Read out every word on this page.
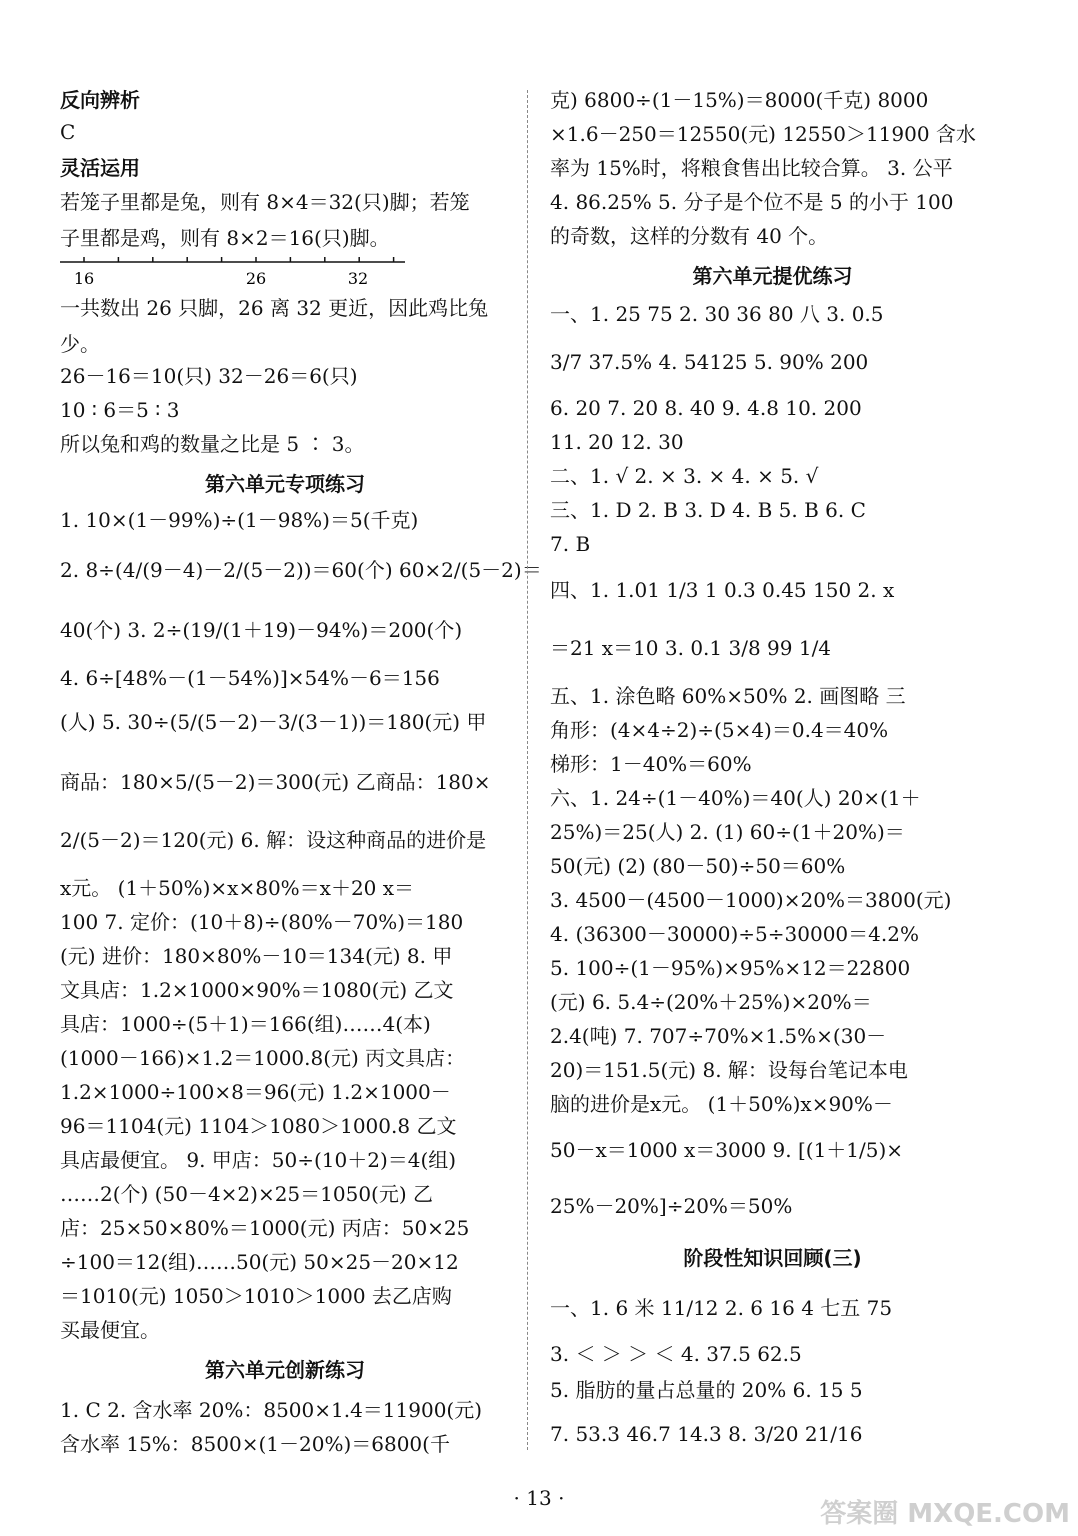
反向辨析
C
灵活运用
若笼子里都是兔，则有 8×4＝32(只)脚；若笼
子里都是鸡，则有 8×2＝16(只)脚。
一共数出 26 只脚，26 离 32 更近，因此鸡比兔
少。
26－16＝10(只) 32－26＝6(只)
10 ∶ 6＝5 ∶ 3
所以兔和鸡的数量之比是 5 ∶ 3。
1. 10×(1－99%)÷(1－98%)＝5(千克)
2. 8÷(4/(9－4)－2/(5－2))＝60(个) 60×2/(5－2)＝
40(个) 3. 2÷(19/(1＋19)－94%)＝200(个)
4. 6÷[48%－(1－54%)]×54%－6＝156
(人) 5. 30÷(5/(5－2)－3/(3－1))＝180(元) 甲
商品：180×5/(5－2)＝300(元) 乙商品：180×
2/(5－2)＝120(元) 6. 解：设这种商品的进价是
x元。 (1＋50%)×x×80%＝x＋20 x＝
100 7. 定价：(10＋8)÷(80%－70%)＝180
(元) 进价：180×80%－10＝134(元) 8. 甲
文具店：1.2×1000×90%＝1080(元) 乙文
具店：1000÷(5＋1)＝166(组)……4(本)
(1000－166)×1.2＝1000.8(元) 丙文具店：
1.2×1000÷100×8＝96(元) 1.2×1000－
96＝1104(元) 1104＞1080＞1000.8 乙文
具店最便宜。 9. 甲店：50÷(10＋2)＝4(组)
……2(个) (50－4×2)×25＝1050(元) 乙
店：25×50×80%＝1000(元) 丙店：50×25
÷100＝12(组)……50(元) 50×25－20×12
＝1010(元) 1050＞1010＞1000 去乙店购
买最便宜。
1. C 2. 含水率 20%：8500×1.4＝11900(元)
含水率 15%：8500×(1－20%)＝6800(千
第六单元专项练习
第六单元创新练习
克) 6800÷(1－15%)＝8000(千克) 8000
×1.6－250＝12550(元) 12550＞11900 含水
率为 15%时，将粮食售出比较合算。 3. 公平
4. 86.25% 5. 分子是个位不是 5 的小于 100
的奇数，这样的分数有 40 个。
一、1. 25 75 2. 30 36 80 八 3. 0.5
3/7 37.5% 4. 54125 5. 90% 200
6. 20 7. 20 8. 40 9. 4.8 10. 200
11. 20 12. 30
二、1. √ 2. × 3. × 4. × 5. √
三、1. D 2. B 3. D 4. B 5. B 6. C
7. B
四、1. 1.01 1/3 1 0.3 0.45 150 2. x
＝21 x＝10 3. 0.1 3/8 99 1/4
五、1. 涂色略 60%×50% 2. 画图略 三
角形：(4×4÷2)÷(5×4)＝0.4＝40%
梯形：1－40%＝60%
六、1. 24÷(1－40%)＝40(人) 20×(1＋
25%)＝25(人) 2. (1) 60÷(1＋20%)＝
50(元) (2) (80－50)÷50＝60%
3. 4500－(4500－1000)×20%＝3800(元)
4. (36300－30000)÷5÷30000＝4.2%
5. 100÷(1－95%)×95%×12＝22800
(元) 6. 5.4÷(20%＋25%)×20%＝
2.4(吨) 7. 707÷70%×1.5%×(30－
20)＝151.5(元) 8. 解：设每台笔记本电
脑的进价是x元。 (1＋50%)x×90%－
50－x＝1000 x＝3000 9. [(1＋1/5)×
25%－20%]÷20%＝50%
一、1. 6 米 11/12 2. 6 16 4 七五 75
3. ＜ ＞ ＞ ＜ 4. 37.5 62.5
5. 脂肪的量占总量的 20% 6. 15 5
7. 53.3 46.7 14.3 8. 3/20 21/16
第六单元提优练习
阶段性知识回顾(三)
16	26	32
· 13 ·
答案圈 MXQE.COM
